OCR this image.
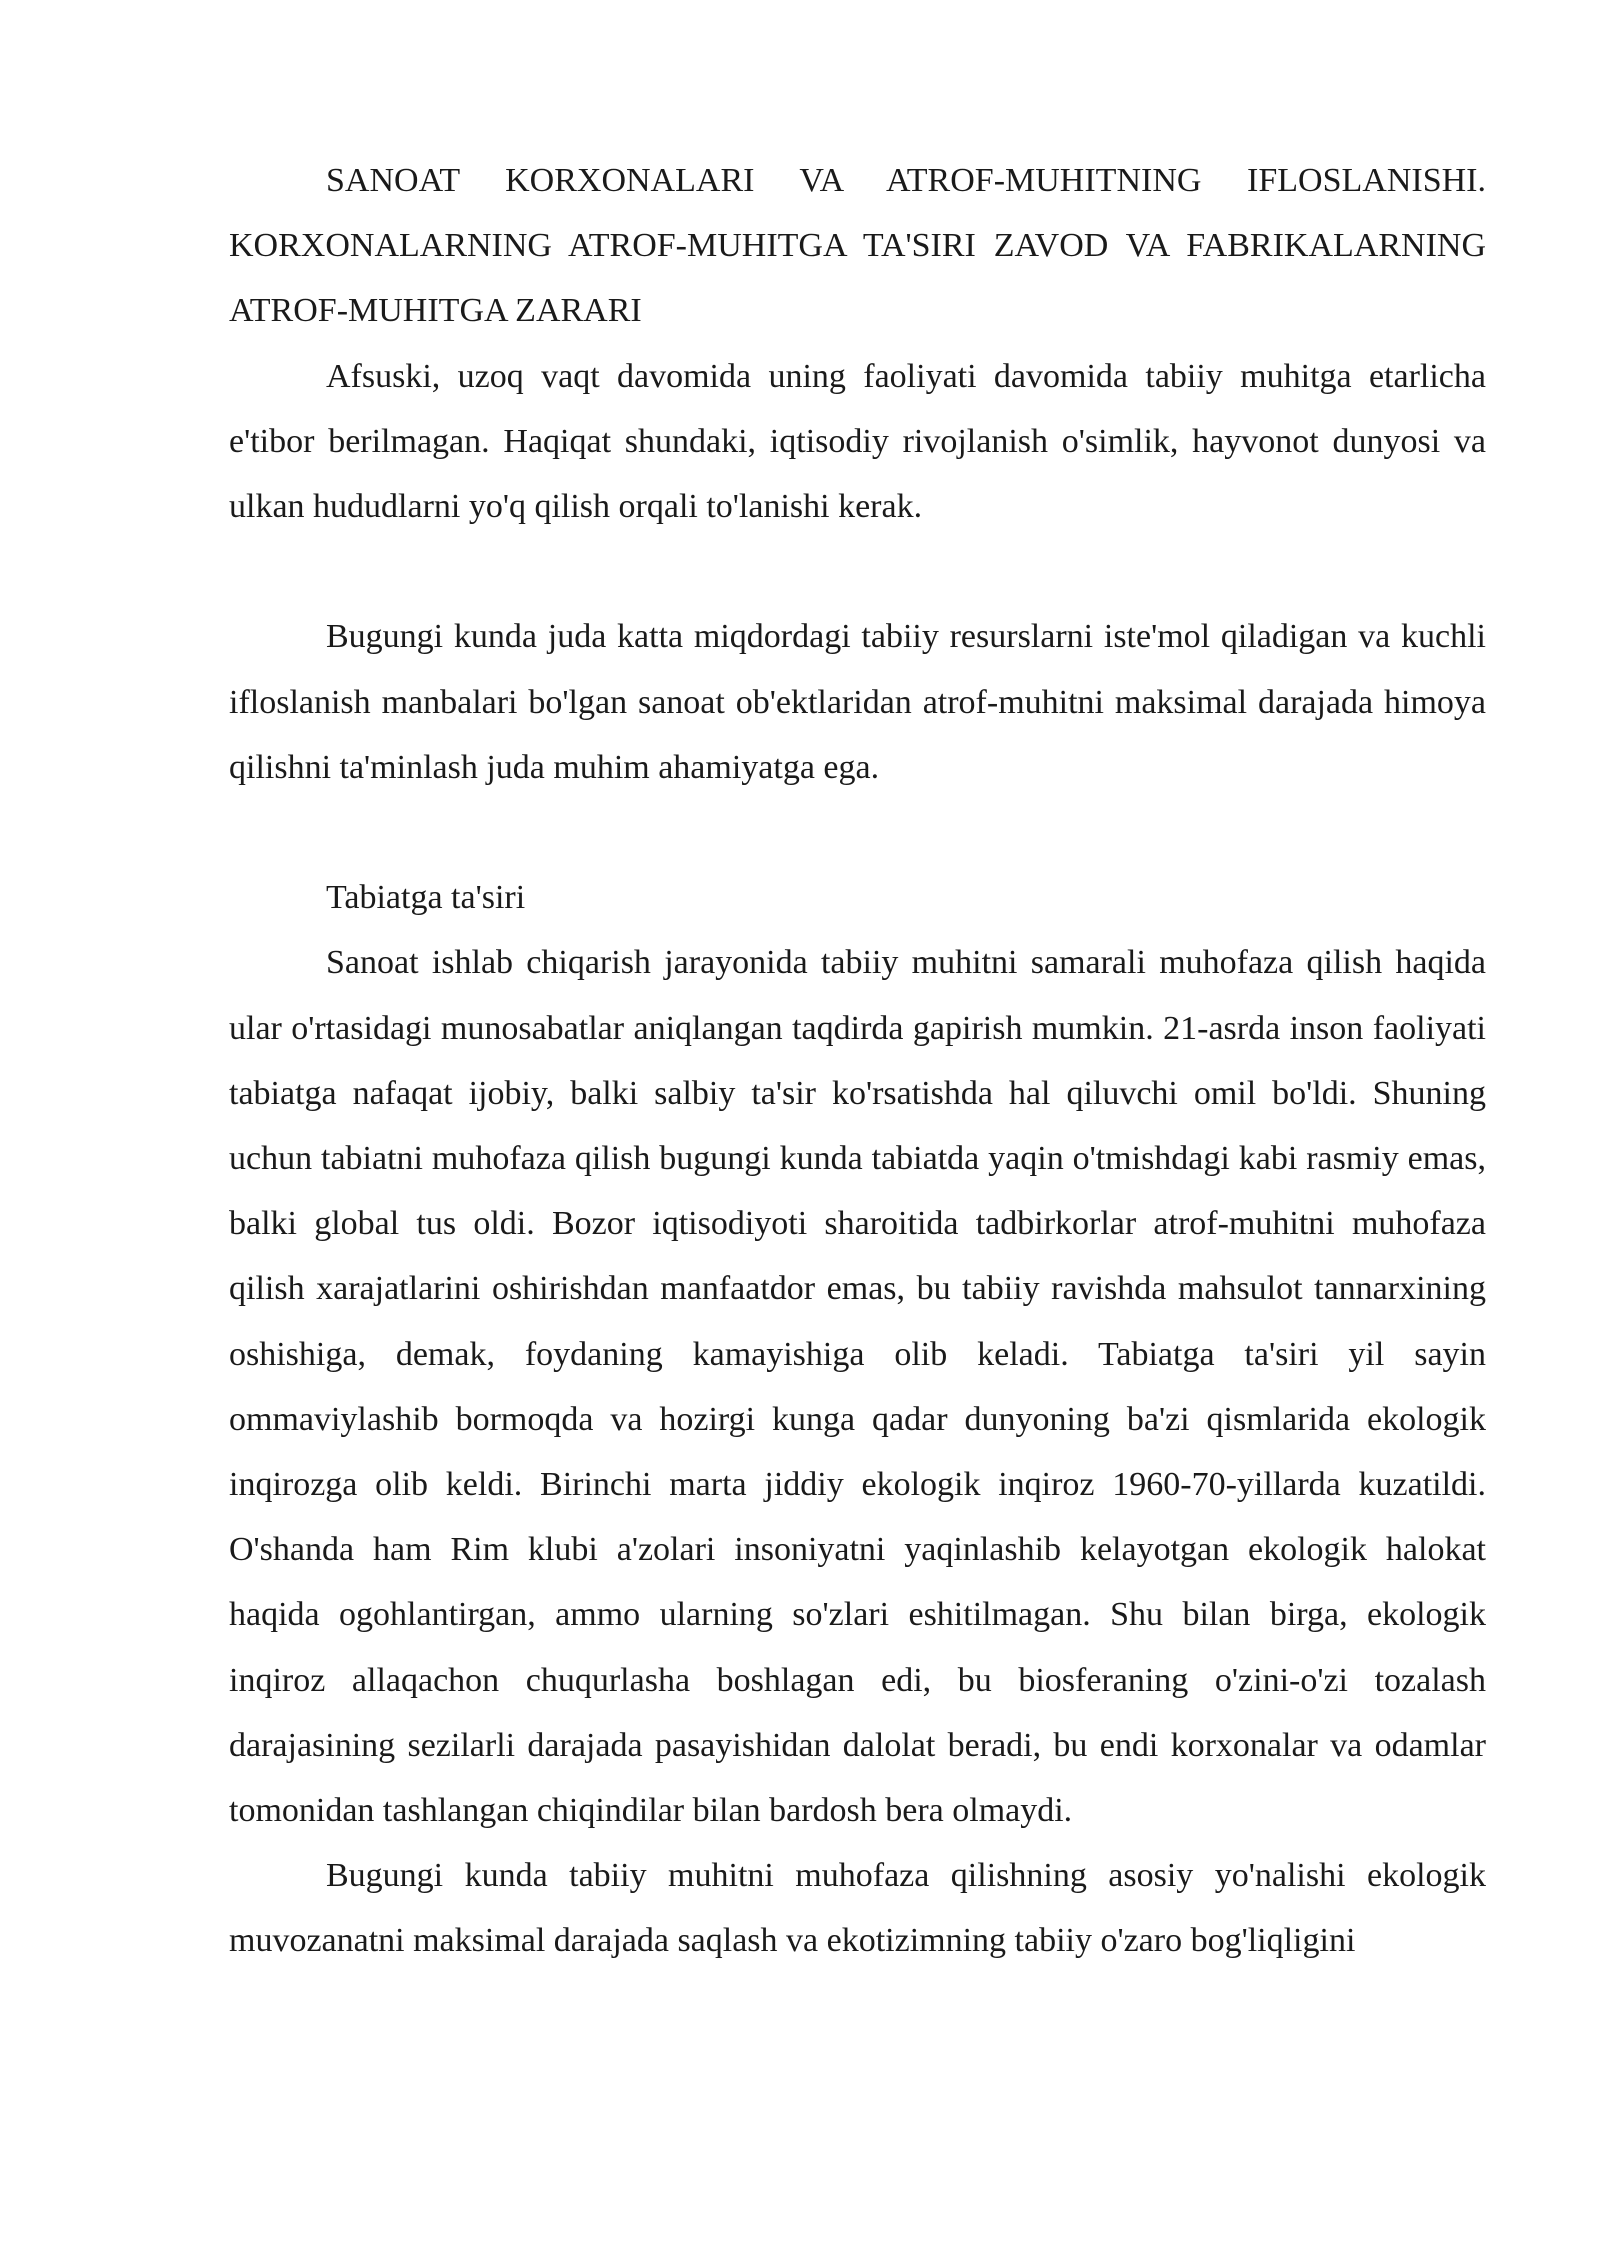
SANOAT KORXONALARI VA ATROF-MUHITNING IFLOSLANISHI. KORXONALARNING ATROF-MUHITGA TA'SIRI ZAVOD VA FABRIKALARNING ATROF-MUHITGA ZARARI

Afsuski, uzoq vaqt davomida uning faoliyati davomida tabiiy muhitga etarlicha e'tibor berilmagan. Haqiqat shundaki, iqtisodiy rivojlanish o'simlik, hayvonot dunyosi va ulkan hududlarni yo'q qilish orqali to'lanishi kerak.

Bugungi kunda juda katta miqdordagi tabiiy resurslarni iste'mol qiladigan va kuchli ifloslanish manbalari bo'lgan sanoat ob'ektlaridan atrof-muhitni maksimal darajada himoya qilishni ta'minlash juda muhim ahamiyatga ega.

Tabiatga ta'siri

Sanoat ishlab chiqarish jarayonida tabiiy muhitni samarali muhofaza qilish haqida ular o'rtasidagi munosabatlar aniqlangan taqdirda gapirish mumkin. 21-asrda inson faoliyati tabiatga nafaqat ijobiy, balki salbiy ta'sir ko'rsatishda hal qiluvchi omil bo'ldi. Shuning uchun tabiatni muhofaza qilish bugungi kunda tabiatda yaqin o'tmishdagi kabi rasmiy emas, balki global tus oldi. Bozor iqtisodiyoti sharoitida tadbirkorlar atrof-muhitni muhofaza qilish xarajatlarini oshirishdan manfaatdor emas, bu tabiiy ravishda mahsulot tannarxining oshishiga, demak, foydaning kamayishiga olib keladi. Tabiatga ta'siri yil sayin ommaviylashib bormoqda va hozirgi kunga qadar dunyoning ba'zi qismlarida ekologik inqirozga olib keldi. Birinchi marta jiddiy ekologik inqiroz 1960-70-yillarda kuzatildi. O'shanda ham Rim klubi a'zolari insoniyatni yaqinlashib kelayotgan ekologik halokat haqida ogohlantirgan, ammo ularning so'zlari eshitilmagan. Shu bilan birga, ekologik inqiroz allaqachon chuqurlasha boshlagan edi, bu biosferaning o'zini-o'zi tozalash darajasining sezilarli darajada pasayishidan dalolat beradi, bu endi korxonalar va odamlar tomonidan tashlangan chiqindilar bilan bardosh bera olmaydi.

Bugungi kunda tabiiy muhitni muhofaza qilishning asosiy yo'nalishi ekologik muvozanatni maksimal darajada saqlash va ekotizimning tabiiy o'zaro bog'liqligini
